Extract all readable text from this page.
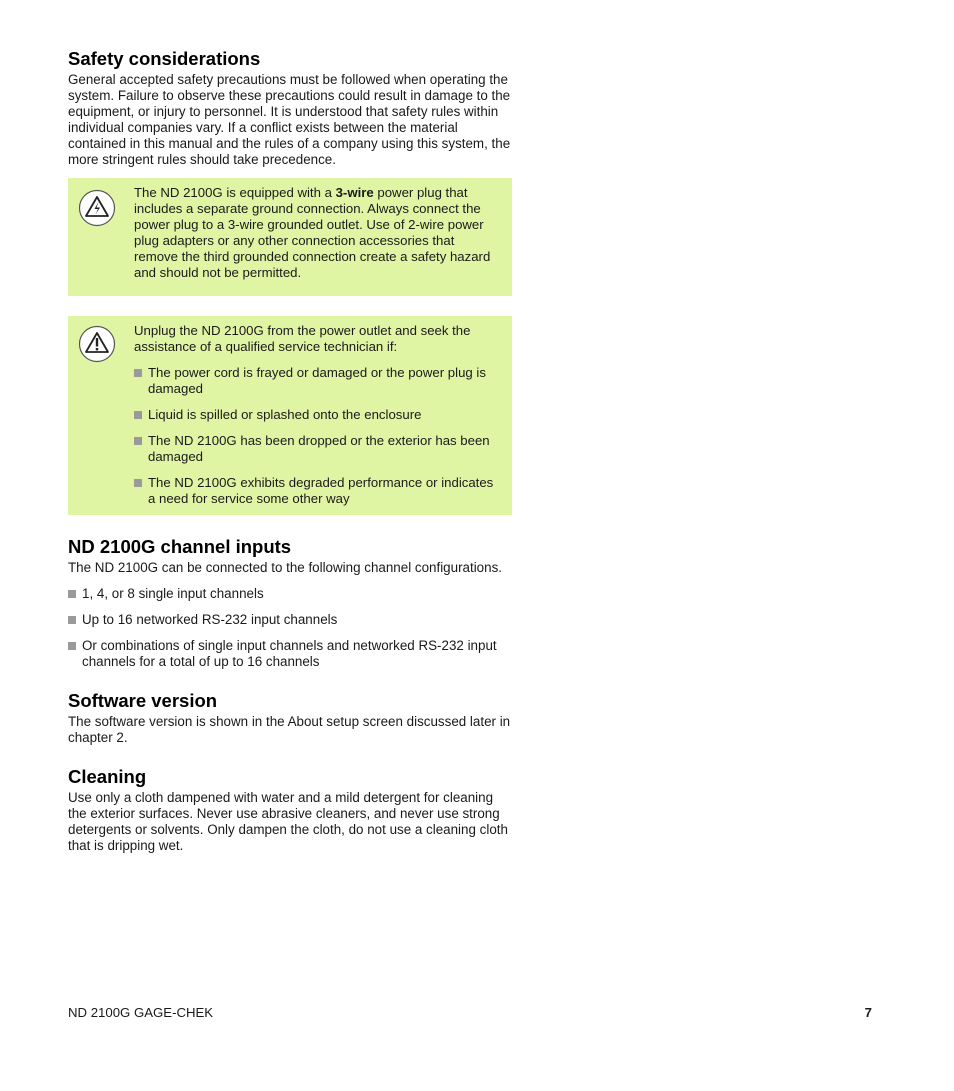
Safety considerations

General accepted safety precautions must be followed when operating the system. Failure to observe these precautions could result in damage to the equipment, or injury to personnel. It is understood that safety rules within individual companies vary. If a conflict exists between the material contained in this manual and the rules of a company using this system, the more stringent rules should take precedence.

The ND 2100G is equipped with a 3-wire power plug that includes a separate ground connection. Always connect the power plug to a 3-wire grounded outlet. Use of 2-wire power plug adapters or any other connection accessories that remove the third grounded connection create a safety hazard and should not be permitted.

Unplug the ND 2100G from the power outlet and seek the assistance of a qualified service technician if:

The power cord is frayed or damaged or the power plug is damaged
Liquid is spilled or splashed onto the enclosure
The ND 2100G has been dropped or the exterior has been damaged
The ND 2100G exhibits degraded performance or indicates a need for service some other way
ND 2100G channel inputs

The ND 2100G can be connected to the following channel configurations.

1, 4, or 8 single input channels
Up to 16 networked RS-232 input channels
Or combinations of single input channels and networked RS-232 input channels for a total of up to 16 channels
Software version

The software version is shown in the About setup screen discussed later in chapter 2.

Cleaning

Use only a cloth dampened with water and a mild detergent for cleaning the exterior surfaces. Never use abrasive cleaners, and never use strong detergents or solvents. Only dampen the cloth, do not use a cleaning cloth that is dripping wet.

ND 2100G GAGE-CHEK	7
